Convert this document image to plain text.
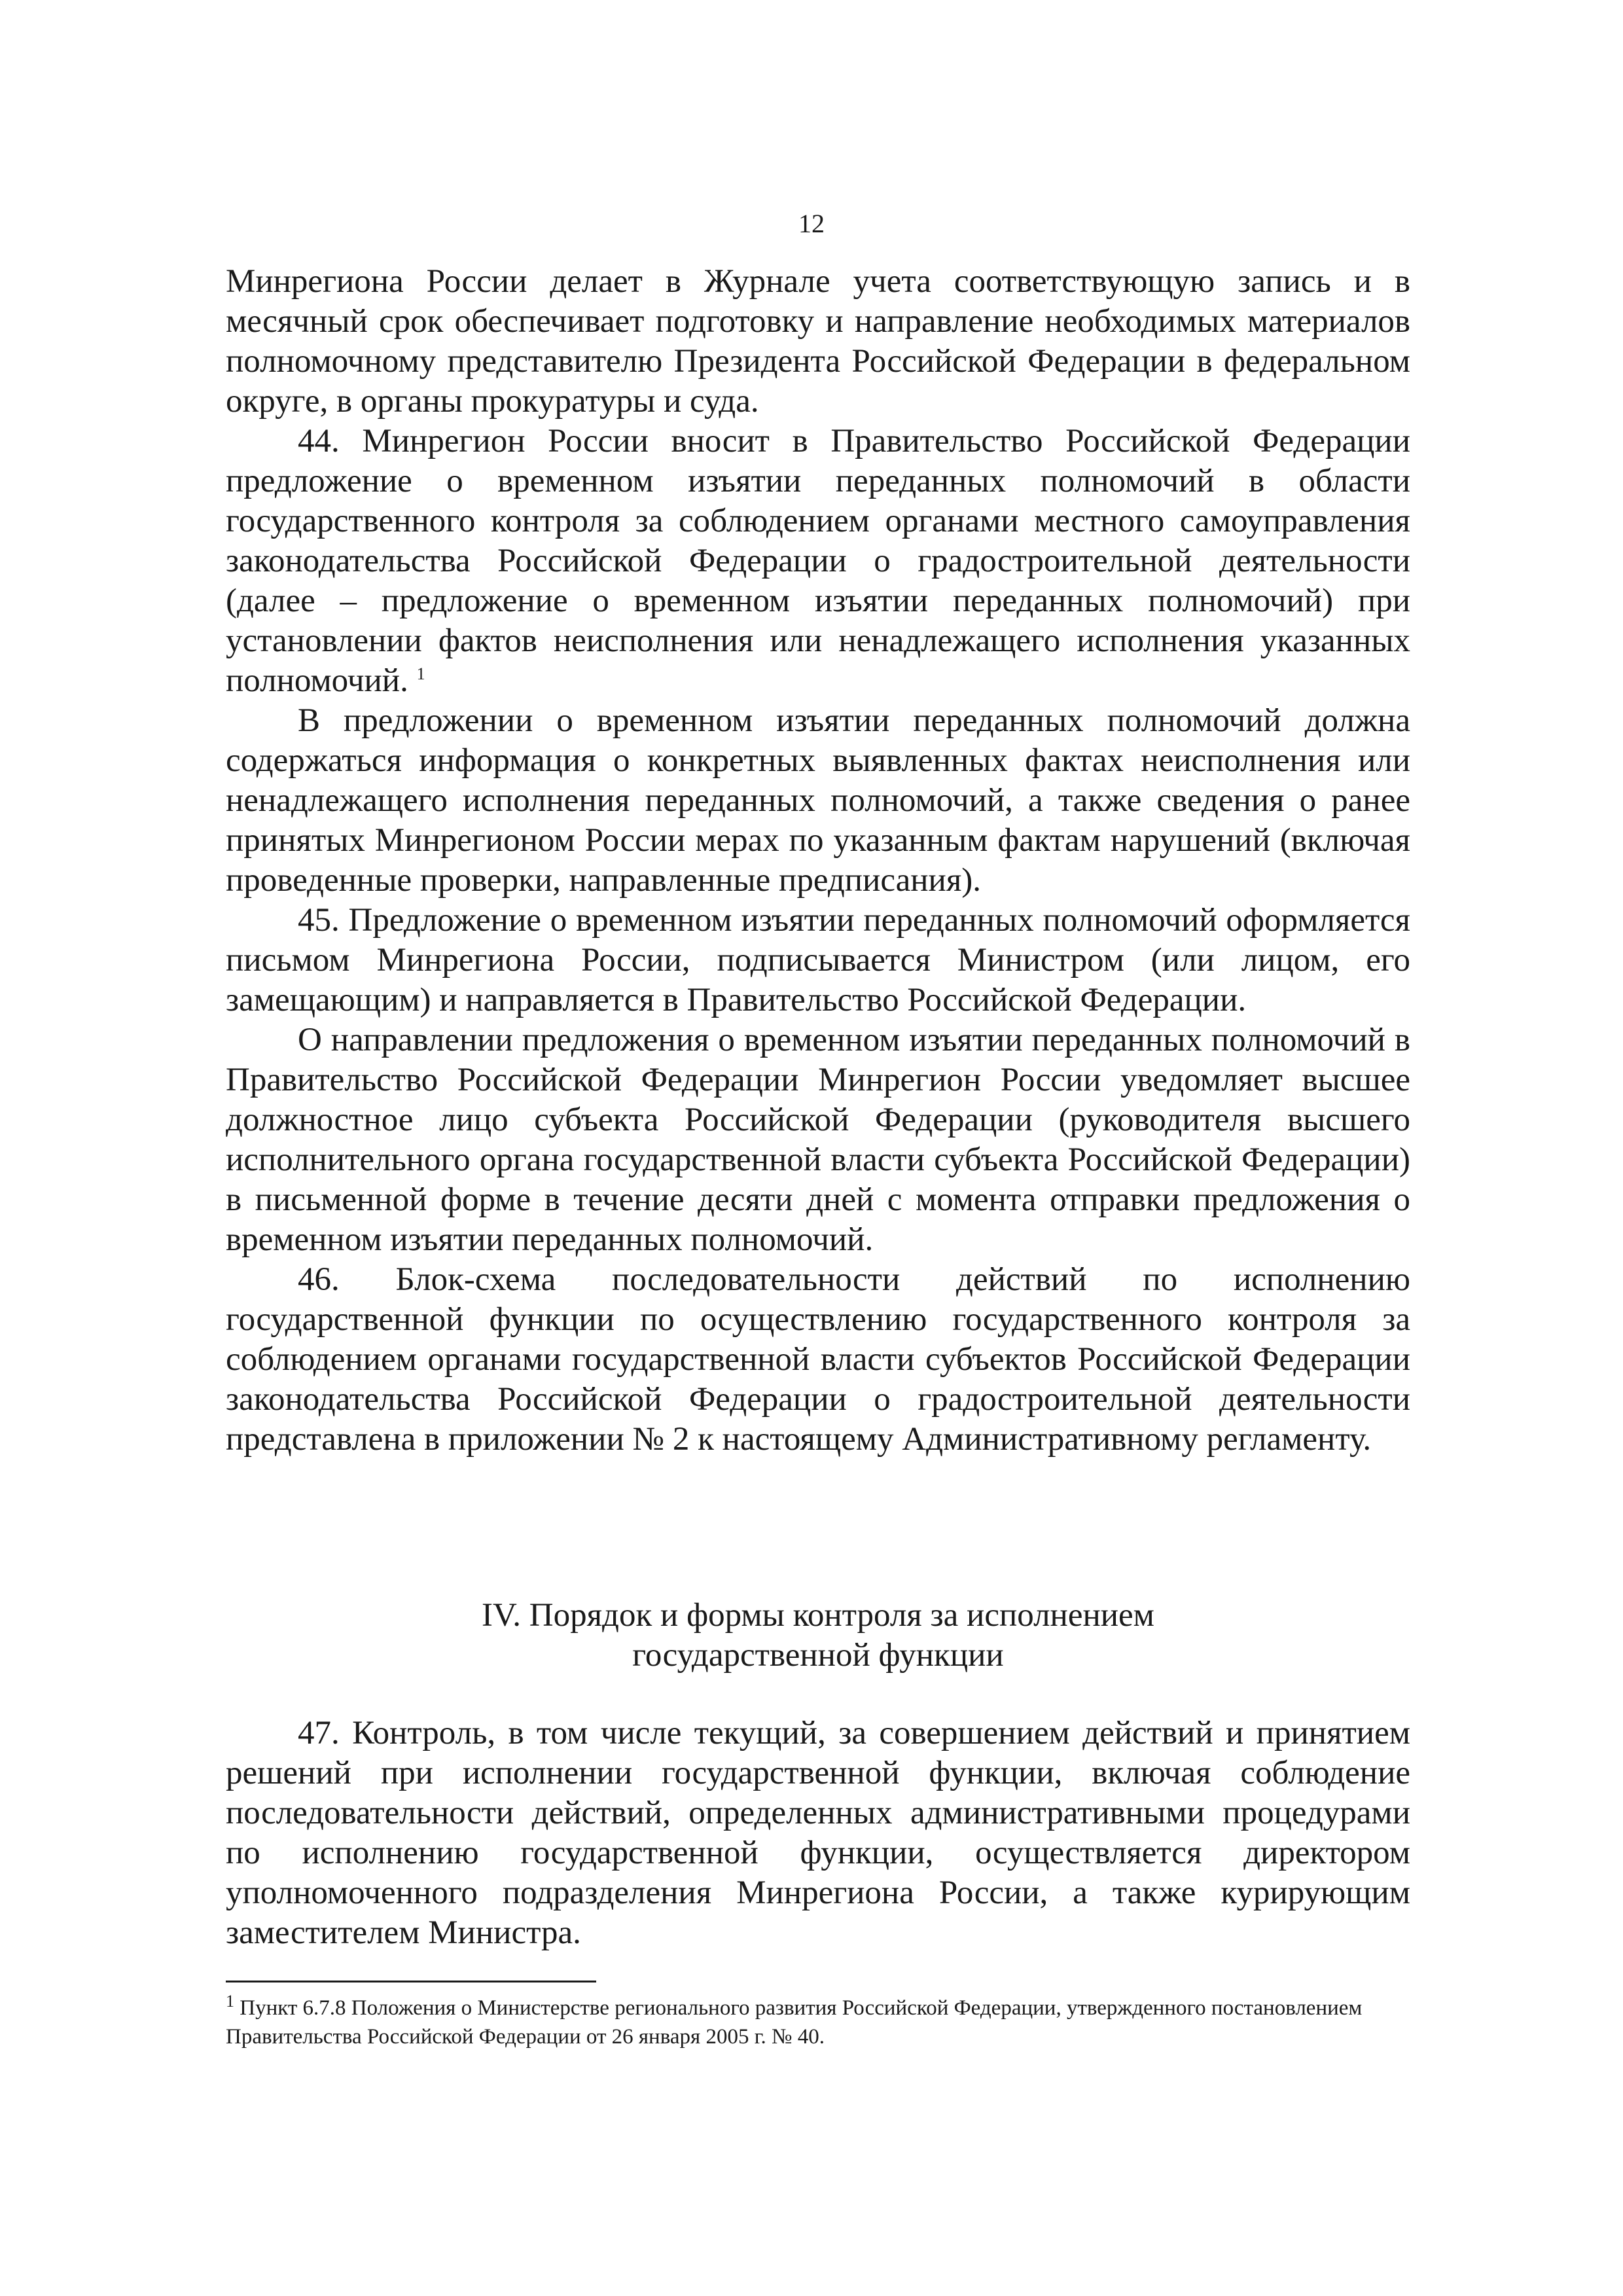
12

Минрегиона России делает в Журнале учета соответствующую запись и в месячный срок обеспечивает подготовку и направление необходимых материалов полномочному представителю Президента Российской Федерации в федеральном округе, в органы прокуратуры и суда.

44. Минрегион России вносит в Правительство Российской Федерации предложение о временном изъятии переданных полномочий в области государственного контроля за соблюдением органами местного самоуправления законодательства Российской Федерации о градостроительной деятельности (далее – предложение о временном изъятии переданных полномочий) при установлении фактов неисполнения или ненадлежащего исполнения указанных полномочий. $^1$

В предложении о временном изъятии переданных полномочий должна содержаться информация о конкретных выявленных фактах неисполнения или ненадлежащего исполнения переданных полномочий, а также сведения о ранее принятых Минрегионом России мерах по указанным фактам нарушений (включая проведенные проверки, направленные предписания).

45. Предложение о временном изъятии переданных полномочий оформляется письмом Минрегиона России, подписывается Министром (или лицом, его замещающим) и направляется в Правительство Российской Федерации.

О направлении предложения о временном изъятии переданных полномочий в Правительство Российской Федерации Минрегион России уведомляет высшее должностное лицо субъекта Российской Федерации (руководителя высшего исполнительного органа государственной власти субъекта Российской Федерации) в письменной форме в течение десяти дней с момента отправки предложения о временном изъятии переданных полномочий.

46. Блок-схема последовательности действий по исполнению государственной функции по осуществлению государственного контроля за соблюдением органами государственной власти субъектов Российской Федерации законодательства Российской Федерации о градостроительной деятельности представлена в приложении № 2 к настоящему Административному регламенту.

IV. Порядок и формы контроля за исполнением
государственной функции

47. Контроль, в том числе текущий, за совершением действий и принятием решений при исполнении государственной функции, включая соблюдение последовательности действий, определенных административными процедурами по исполнению государственной функции, осуществляется директором уполномоченного подразделения Минрегиона России, а также курирующим заместителем Министра.

$^1$ Пункт 6.7.8 Положения о Министерстве регионального развития Российской Федерации, утвержденного постановлением Правительства Российской Федерации от 26 января 2005 г. № 40.
